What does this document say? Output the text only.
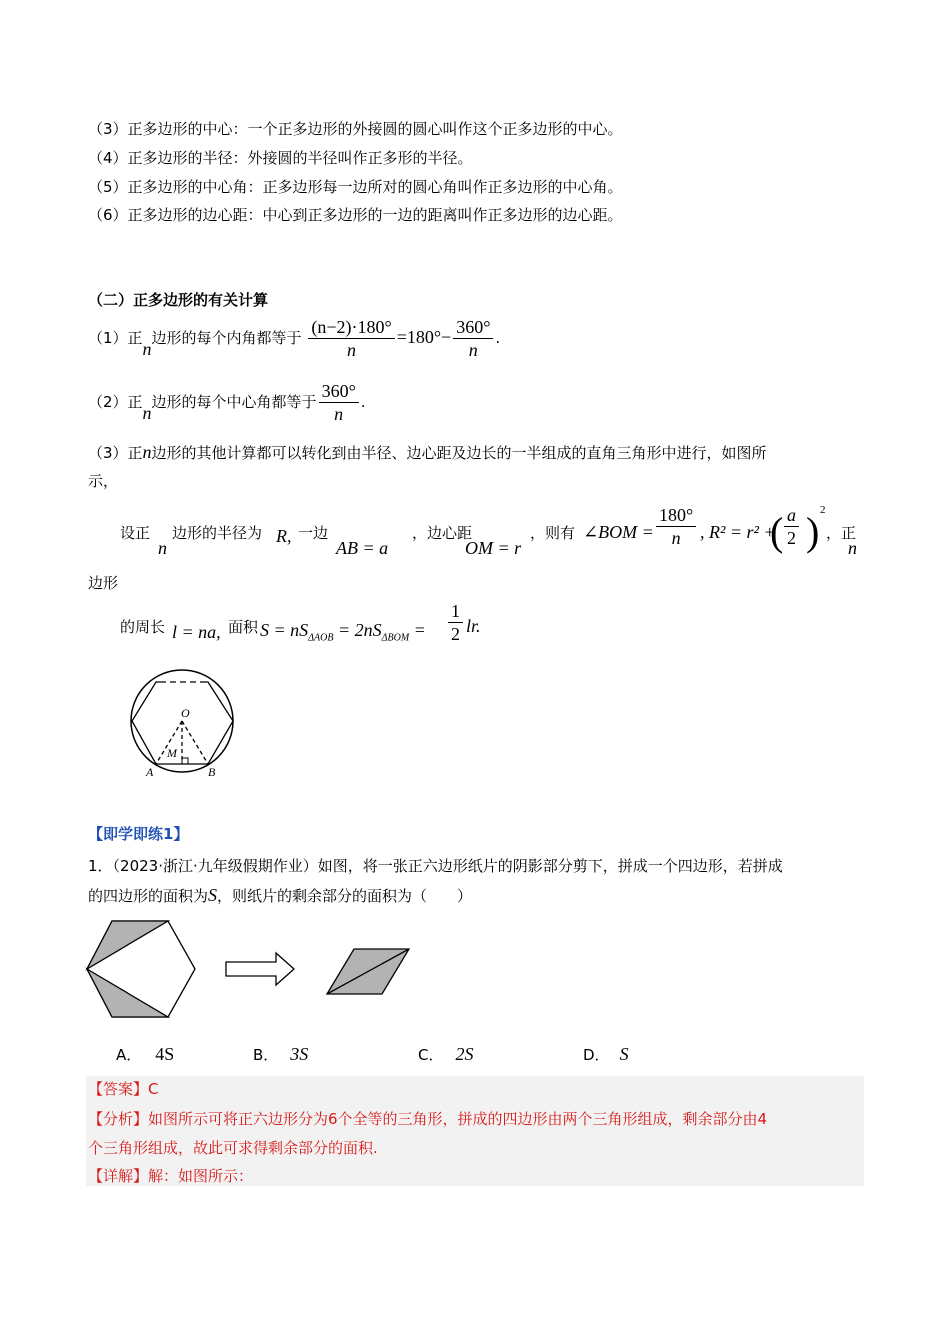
（3）正多边形的中心：一个正多边形的外接圆的圆心叫作这个正多边形的中心。
（4）正多边形的半径：外接圆的半径叫作正多形的半径。
（5）正多边形的中心角：正多边形每一边所对的圆心角叫作正多边形的中心角。
（6）正多边形的边心距：中心到正多边形的一边的距离叫作正多边形的边心距。
（二）正多边形的有关计算
（1）正n边形的每个内角都等于 $\frac{(n-2)\cdot 180^\circ}{n} =180^\circ- \frac{360^\circ}{n}$ .
（2）正n边形的每个中心角都等于 $\frac{360^\circ}{n}$ .
（3）正n边形的其他计算都可以转化到由半径、边心距及边长的一半组成的直角三角形中进行，如图所
示，
设正
n
边形的半径为 R, 一边
AB = a
，边心距
OM = r
，则有 ∠BOM = $\frac{180^\circ}{n}$ , R² = r² +
( $\frac{a}{2}$ ) 2
，正
n
边形
的周长 l = na, 面积 $S = nS_{\Delta AOB} = 2nS_{\Delta BOM} = \frac{1}{2}$ lr.
O
M
A	B
【即学即练1】
1．（2023·浙江·九年级假期作业）如图，将一张正六边形纸片的阴影部分剪下，拼成一个四边形，若拼成
的四边形的面积为S，则纸片的剩余部分的面积为（　　）
A． 4S	B． 3S	C． 2S	D． S
【答案】C
【分析】如图所示可将正六边形分为6个全等的三角形，拼成的四边形由两个三角形组成，剩余部分由4
个三角形组成，故此可求得剩余部分的面积.
【详解】解：如图所示：
